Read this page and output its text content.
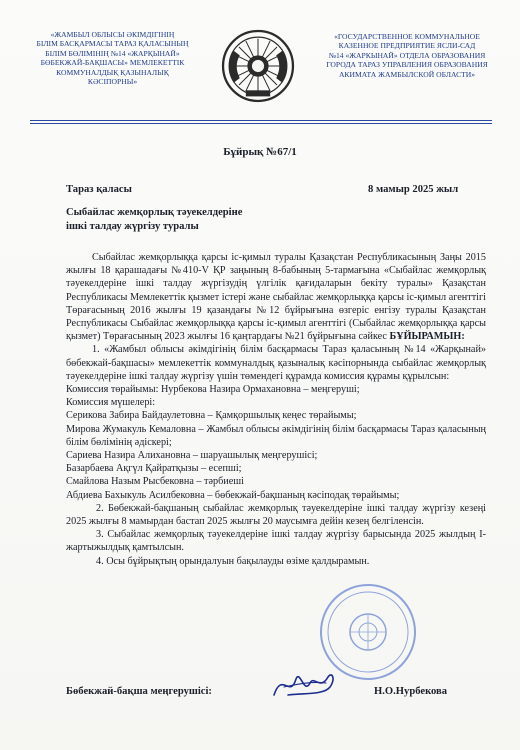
«ЖАМБЫЛ ОБЛЫСЫ ӘКІМДІГІНІҢ
БІЛІМ БАСҚАРМАСЫ ТАРАЗ ҚАЛАСЫНЫҢ
БІЛІМ БӨЛІМІНІҢ №14 «ЖАРҚЫНАЙ»
БӨБЕКЖАЙ-БАҚШАСЫ» МЕМЛЕКЕТТІК
КОММУНАЛДЫҚ ҚАЗЫНАЛЫҚ
КӘСІПОРНЫ»
«ГОСУДАРСТВЕННОЕ КОММУНАЛЬНОЕ
КАЗЕННОЕ ПРЕДПРИЯТИЕ ЯСЛИ-САД
№14 «ЖАРКЫНАЙ» ОТДЕЛА ОБРАЗОВАНИЯ
ГОРОДА ТАРАЗ УПРАВЛЕНИЯ ОБРАЗОВАНИЯ
АКИМАТА ЖАМБЫЛСКОЙ ОБЛАСТИ»
Бұйрық №67/1
Тараз қаласы	8 мамыр 2025 жыл
Сыбайлас жемқорлық тәуекелдеріне
ішкі талдау жүргізу туралы

Сыбайлас жемқорлыққа қарсы іс-қимыл туралы Қазақстан Республикасының Заңы 2015 жылғы 18 қарашадағы №410-V ҚР заңының 8-бабының 5-тармағына «Сыбайлас жемқорлық тәуекелдеріне ішкі талдау жүргізудің үлгілік қағидаларын бекіту туралы» Қазақстан Республикасы Мемлекеттік қызмет істері және сыбайлас жемқорлыққа қарсы іс-қимыл агенттігі Төрағасының 2016 жылғы 19 қазандағы №12 бұйрығына өзгеріс енгізу туралы Қазақстан Республикасы Сыбайлас жемқорлыққа қарсы іс-қимыл агенттігі (Сыбайлас жемқорлыққа қарсы қызмет) Төрағасының 2023 жылғы 16 қаңтардағы №21 бұйрығына сәйкес БҰЙЫРАМЫН:

1. «Жамбыл облысы әкімдігінің білім басқармасы Тараз қаласының №14 «Жарқынай» бөбекжай-бақшасы» мемлекеттік коммуналдық қазыналық кәсіпорнында сыбайлас жемқорлық тәуекелдеріне ішкі талдау жүргізу үшін төмендегі құрамда комиссия құрамы құрылсын:

Комиссия төрайымы: Нурбекова Назира Ормахановна – меңгеруші;

Комиссия мүшелері:

Серикова Забира Байдаулетовна – Қамқоршылық кеңес төрайымы;

Мирова Жумакуль Кемаловна – Жамбыл облысы әкімдігінің білім басқармасы Тараз қаласының білім бөлімінің әдіскері;

Сариева Назира Алихановна – шаруашылық меңгерушісі;

Базарбаева Ақгүл Қайратқызы – есепші;

Смайлова Назым Рысбековна – тәрбиеші

Абдиева Бахыкуль Асилбековна – бөбекжай-бақшаның кәсіподақ төрайымы;

2. Бөбекжай-бақшаның сыбайлас жемқорлық тәуекелдеріне ішкі талдау жүргізу кезеңі 2025 жылғы 8 мамырдан бастап 2025 жылғы 20 маусымға дейін кезең белгіленсін.

3. Сыбайлас жемқорлық тәуекелдеріне ішкі талдау жүргізу барысында 2025 жылдың І-жартыжылдық қамтылсын.

4. Осы бұйрықтың орындалуын бақылауды өзіме қалдырамын.

Бөбекжай-бақша меңгерушісі:	Н.О.Нурбекова
